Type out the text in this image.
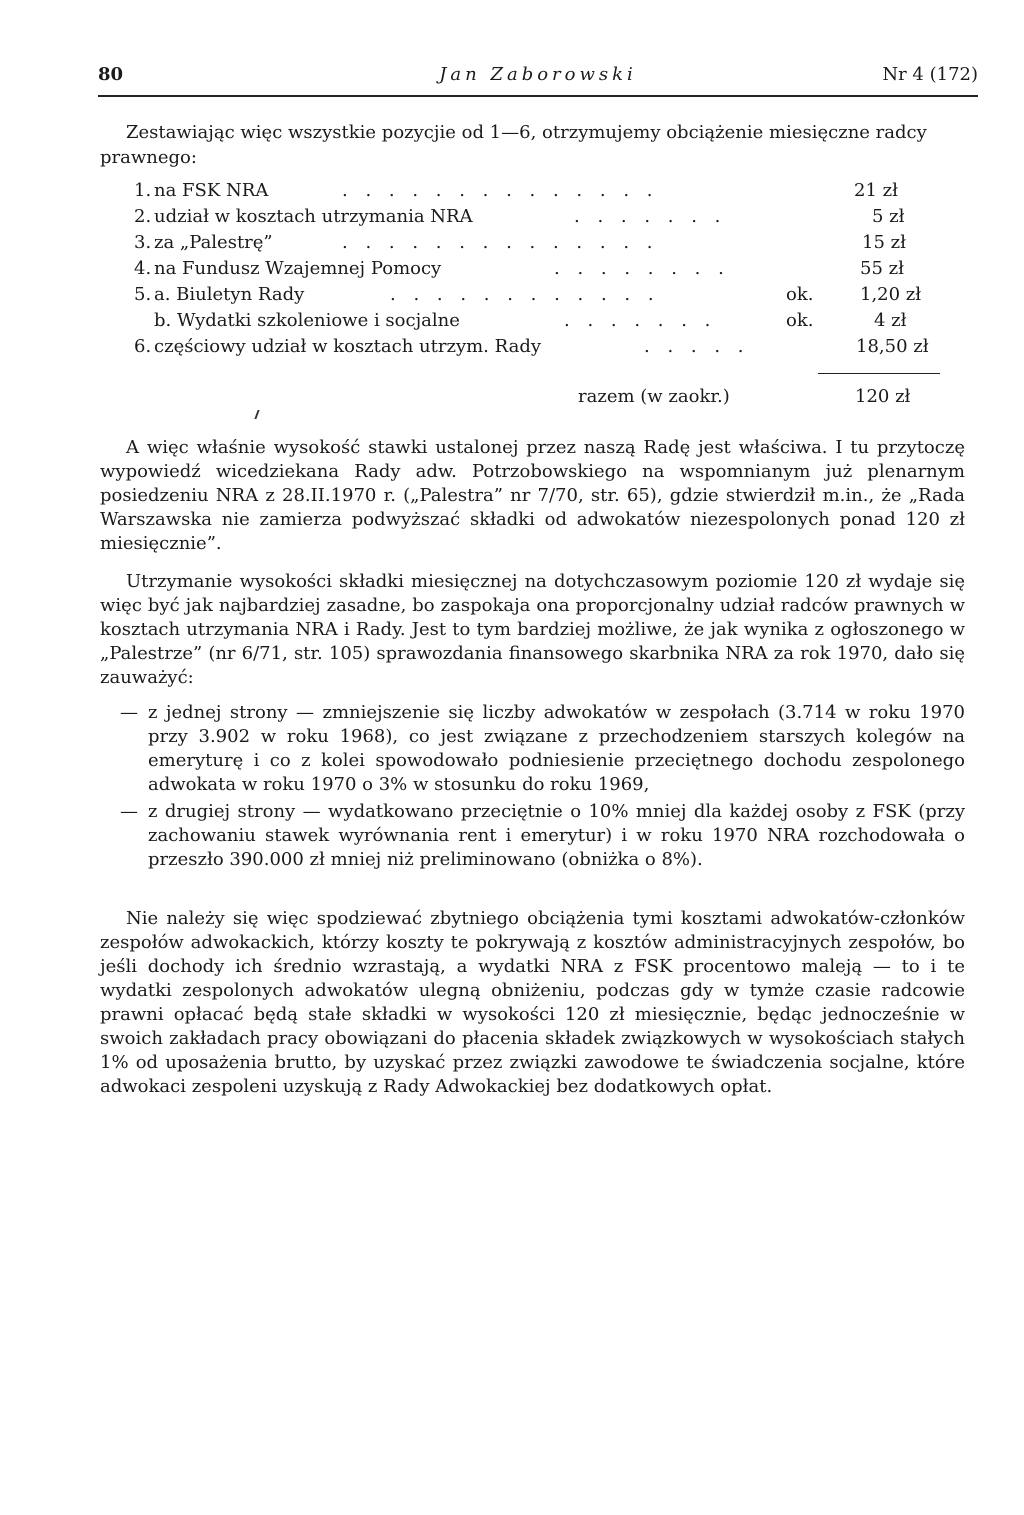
80	Jan Zaborowski	Nr 4 (172)
Zestawiając więc wszystkie pozycjie od 1—6, otrzymujemy obciążenie miesięczne radcy prawnego:
1. na FSK NRA	. . . . . . . . . . . . . .	21 zł
2. udział w kosztach utrzymania NRA	. . . . . . .	5 zł
3. za „Palestrę”	. . . . . . . . . . . . . .	15 zł
4. na Fundusz Wzajemnej Pomocy	. . . . . . . .	55 zł
5. a. Biuletyn Rady	. . . . . . . . . . . .	ok.	1,20 zł
b. Wydatki szkoleniowe i socjalne	. . . . . . .	ok.	4 zł
6. częściowy udział w kosztach utrzym. Rady	. . . . .	18,50 zł
razem (w zaokr.)	120 zł
A więc właśnie wysokość stawki ustalonej przez naszą Radę jest właściwa. I tu przytoczę wypowiedź wicedziekana Rady adw. Potrzobowskiego na wspomnianym już plenarnym posiedzeniu NRA z 28.II.1970 r. („Palestra” nr 7/70, str. 65), gdzie stwierdził m.in., że „Rada Warszawska nie zamierza podwyższać składki od adwokatów niezespolonych ponad 120 zł miesięcznie”.
Utrzymanie wysokości składki miesięcznej na dotychczasowym poziomie 120 zł wydaje się więc być jak najbardziej zasadne, bo zaspokaja ona proporcjonalny udział radców prawnych w kosztach utrzymania NRA i Rady. Jest to tym bardziej możliwe, że jak wynika z ogłoszonego w „Palestrze” (nr 6/71, str. 105) sprawozdania finansowego skarbnika NRA za rok 1970, dało się zauważyć:
— z jednej strony — zmniejszenie się liczby adwokatów w zespołach (3.714 w roku 1970 przy 3.902 w roku 1968), co jest związane z przechodzeniem starszych kolegów na emeryturę i co z kolei spowodowało podniesienie przeciętnego dochodu zespolonego adwokata w roku 1970 o 3% w stosunku do roku 1969,
— z drugiej strony — wydatkowano przeciętnie o 10% mniej dla każdej osoby z FSK (przy zachowaniu stawek wyrównania rent i emerytur) i w roku 1970 NRA rozchodowała o przeszło 390.000 zł mniej niż preliminowano (obniżka o 8%).
Nie należy się więc spodziewać zbytniego obciążenia tymi kosztami adwokatów-członków zespołów adwokackich, którzy koszty te pokrywają z kosztów administracyjnych zespołów, bo jeśli dochody ich średnio wzrastają, a wydatki NRA z FSK procentowo maleją — to i te wydatki zespolonych adwokatów ulegną obniżeniu, podczas gdy w tymże czasie radcowie prawni opłacać będą stałe składki w wysokości 120 zł miesięcznie, będąc jednocześnie w swoich zakładach pracy obowiązani do płacenia składek związkowych w wysokościach stałych 1% od uposażenia brutto, by uzyskać przez związki zawodowe te świadczenia socjalne, które adwokaci zespoleni uzyskują z Rady Adwokackiej bez dodatkowych opłat.
